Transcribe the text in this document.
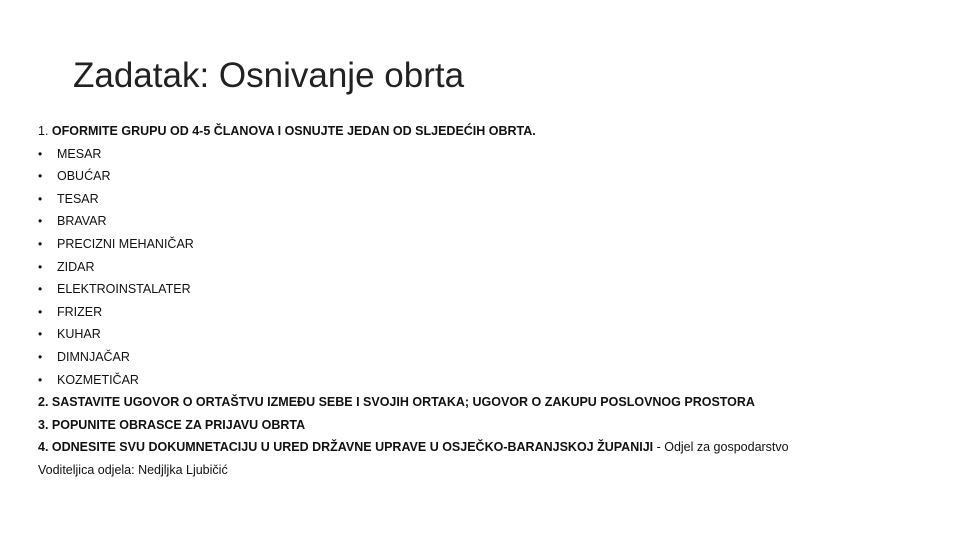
Zadatak: Osnivanje obrta
1. OFORMITE GRUPU OD 4-5 ČLANOVA I OSNUJTE JEDAN OD SLJEDEĆIH OBRTA.
•	MESAR
•	OBUĆAR
•	TESAR
•	BRAVAR
•	PRECIZNI MEHANIČAR
•	ZIDAR
•	ELEKTROINSTALATER
•	FRIZER
•	KUHAR
•	DIMNJAČAR
•	KOZMETIČAR
2. SASTAVITE UGOVOR O ORTAŠTVU IZMEĐU SEBE I SVOJIH ORTAKA; UGOVOR O ZAKUPU POSLOVNOG PROSTORA
3. POPUNITE OBRASCE ZA PRIJAVU OBRTA
4. ODNESITE SVU DOKUMNETACIJU U URED DRŽAVNE UPRAVE U OSJEČKO-BARANJSKOJ ŽUPANIJI - Odjel za gospodarstvo
Voditeljica odjela: Nedjljka Ljubičić
